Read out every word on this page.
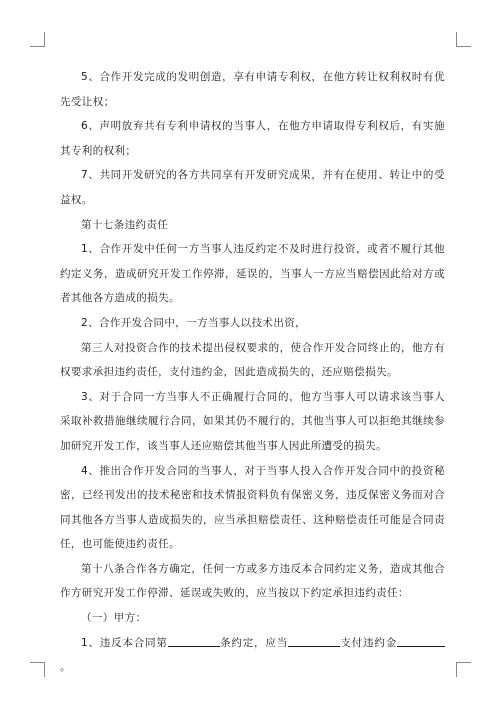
5、合作开发完成的发明创造，享有申请专利权，在他方转让权利权时有优先受让权；

6、声明放弃共有专利申请权的当事人，在他方申请取得专利权后，有实施其专利的权利；

7、共同开发研究的各方共同享有开发研究成果，并有在使用、转让中的受益权。

第十七条违约责任

1、合作开发中任何一方当事人违反约定不及时进行投资，或者不履行其他约定义务，造成研究开发工作停滞，延误的，当事人一方应当赔偿因此给对方或者其他各方造成的损失。

2、合作开发合同中，一方当事人以技术出资，

第三人对投资合作的技术提出侵权要求的，使合作开发合同终止的，他方有权要求承担违约责任，支付违约金，因此造成损失的，还应赔偿损失。

3、对于合同一方当事人不正确履行合同的，他方当事人可以请求该当事人采取补救措施继续履行合同，如果其仍不履行的，其他当事人可以拒绝其继续参加研究开发工作，该当事人还应赔偿其他当事人因此所遭受的损失。

4、推出合作开发合同的当事人，对于当事人投入合作开发合同中的投资秘密，已经刊发出的技术秘密和技术情报资料负有保密义务，违反保密义务而对合同其他各方当事人造成损失的，应当承担赔偿责任、这种赔偿责任可能是合同责任，也可能使违约责任。

第十八条合作各方确定，任何一方或多方违反本合同约定义务，造成其他合作方研究开发工作停滞、延误或失败的，应当按以下约定承担违约责任：

（一）甲方：

1、违反本合同第	条约定，应当	支付违约金。
